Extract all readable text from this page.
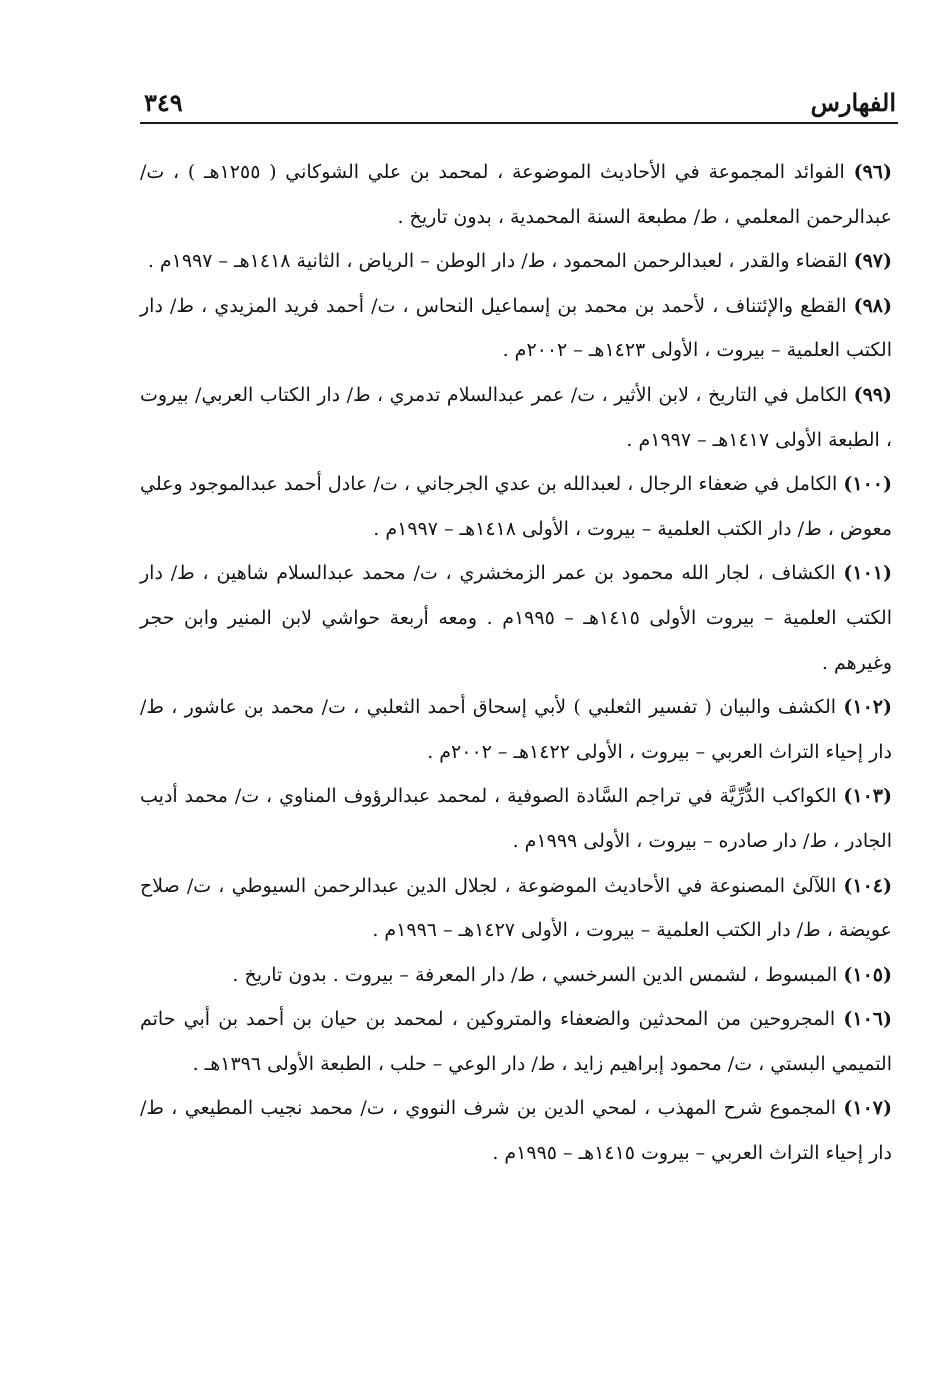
الفهارس
٣٤٩

(٩٦) الفوائد المجموعة في الأحاديث الموضوعة ، لمحمد بن علي الشوكاني ( ١٢٥٥هـ ) ، ت/ عبدالرحمن المعلمي ، ط/ مطبعة السنة المحمدية ، بدون تاريخ .

(٩٧) القضاء والقدر ، لعبدالرحمن المحمود ، ط/ دار الوطن – الرياض ، الثانية ١٤١٨هـ – ١٩٩٧م .

(٩٨) القطع والإئتناف ، لأحمد بن محمد بن إسماعيل النحاس ، ت/ أحمد فريد المزيدي ، ط/ دار الكتب العلمية – بيروت ، الأولى ١٤٢٣هـ – ٢٠٠٢م .

(٩٩) الكامل في التاريخ ، لابن الأثير ، ت/ عمر عبدالسلام تدمري ، ط/ دار الكتاب العربي/ بيروت ، الطبعة الأولى ١٤١٧هـ – ١٩٩٧م .

(١٠٠) الكامل في ضعفاء الرجال ، لعبدالله بن عدي الجرجاني ، ت/ عادل أحمد عبدالموجود وعلي معوض ، ط/ دار الكتب العلمية – بيروت ، الأولى ١٤١٨هـ – ١٩٩٧م .

(١٠١) الكشاف ، لجار الله محمود بن عمر الزمخشري ، ت/ محمد عبدالسلام شاهين ، ط/ دار الكتب العلمية – بيروت الأولى ١٤١٥هـ – ١٩٩٥م . ومعه أربعة حواشي لابن المنير وابن حجر وغيرهم .

(١٠٢) الكشف والبيان ( تفسير الثعلبي ) لأبي إسحاق أحمد الثعلبي ، ت/ محمد بن عاشور ، ط/ دار إحياء التراث العربي – بيروت ، الأولى ١٤٢٢هـ – ٢٠٠٢م .

(١٠٣) الكواكب الدُّرِّيَّة في تراجم السَّادة الصوفية ، لمحمد عبدالرؤوف المناوي ، ت/ محمد أديب الجادر ، ط/ دار صادره – بيروت ، الأولى ١٩٩٩م .

(١٠٤) اللآلئ المصنوعة في الأحاديث الموضوعة ، لجلال الدين عبدالرحمن السيوطي ، ت/ صلاح عويضة ، ط/ دار الكتب العلمية – بيروت ، الأولى ١٤٢٧هـ – ١٩٩٦م .

(١٠٥) المبسوط ، لشمس الدين السرخسي ، ط/ دار المعرفة – بيروت . بدون تاريخ .

(١٠٦) المجروحين من المحدثين والضعفاء والمتروكين ، لمحمد بن حيان بن أحمد بن أبي حاتم التميمي البستي ، ت/ محمود إبراهيم زايد ، ط/ دار الوعي – حلب ، الطبعة الأولى ١٣٩٦هـ .

(١٠٧) المجموع شرح المهذب ، لمحي الدين بن شرف النووي ، ت/ محمد نجيب المطيعي ، ط/ دار إحياء التراث العربي – بيروت ١٤١٥هـ – ١٩٩٥م .
